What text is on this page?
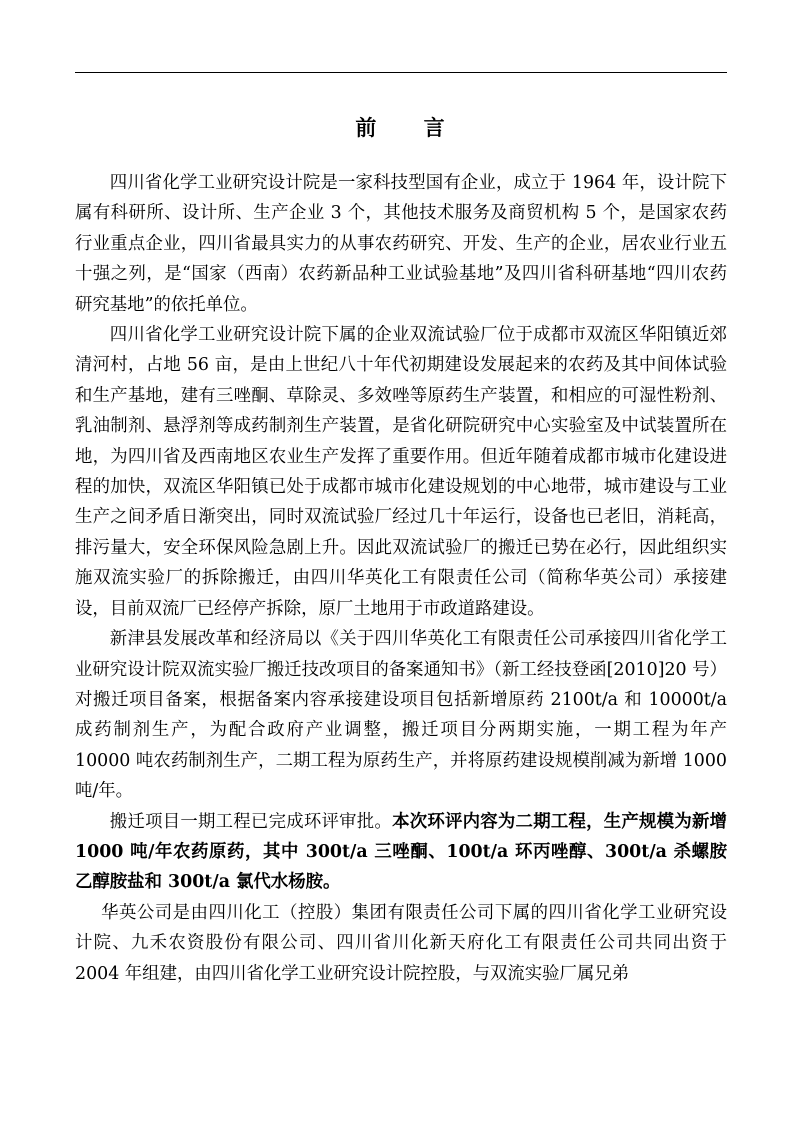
前 言

四川省化学工业研究设计院是一家科技型国有企业，成立于 1964 年，设计院下属有科研所、设计所、生产企业 3 个，其他技术服务及商贸机构 5 个，是国家农药行业重点企业，四川省最具实力的从事农药研究、开发、生产的企业，居农业行业五十强之列，是“国家（西南）农药新品种工业试验基地”及四川省科研基地“四川农药研究基地”的依托单位。

四川省化学工业研究设计院下属的企业双流试验厂位于成都市双流区华阳镇近郊清河村，占地 56 亩，是由上世纪八十年代初期建设发展起来的农药及其中间体试验和生产基地，建有三唑酮、草除灵、多效唑等原药生产装置，和相应的可湿性粉剂、乳油制剂、悬浮剂等成药制剂生产装置，是省化研院研究中心实验室及中试装置所在地，为四川省及西南地区农业生产发挥了重要作用。但近年随着成都市城市化建设进程的加快，双流区华阳镇已处于成都市城市化建设规划的中心地带，城市建设与工业生产之间矛盾日渐突出，同时双流试验厂经过几十年运行，设备也已老旧，消耗高，排污量大，安全环保风险急剧上升。因此双流试验厂的搬迁已势在必行，因此组织实施双流实验厂的拆除搬迁，由四川华英化工有限责任公司（简称华英公司）承接建设，目前双流厂已经停产拆除，原厂土地用于市政道路建设。

新津县发展改革和经济局以《关于四川华英化工有限责任公司承接四川省化学工业研究设计院双流实验厂搬迁技改项目的备案通知书》（新工经技登函[2010]20 号）对搬迁项目备案，根据备案内容承接建设项目包括新增原药 2100t/a 和 10000t/a 成药制剂生产，为配合政府产业调整，搬迁项目分两期实施，一期工程为年产 10000 吨农药制剂生产，二期工程为原药生产，并将原药建设规模削减为新增 1000 吨/年。

搬迁项目一期工程已完成环评审批。本次环评内容为二期工程，生产规模为新增 1000 吨/年农药原药，其中 300t/a 三唑酮、100t/a 环丙唑醇、300t/a 杀螺胺乙醇胺盐和 300t/a 氯代水杨胺。

华英公司是由四川化工（控股）集团有限责任公司下属的四川省化学工业研究设计院、九禾农资股份有限公司、四川省川化新天府化工有限责任公司共同出资于 2004 年组建，由四川省化学工业研究设计院控股，与双流实验厂属兄弟
